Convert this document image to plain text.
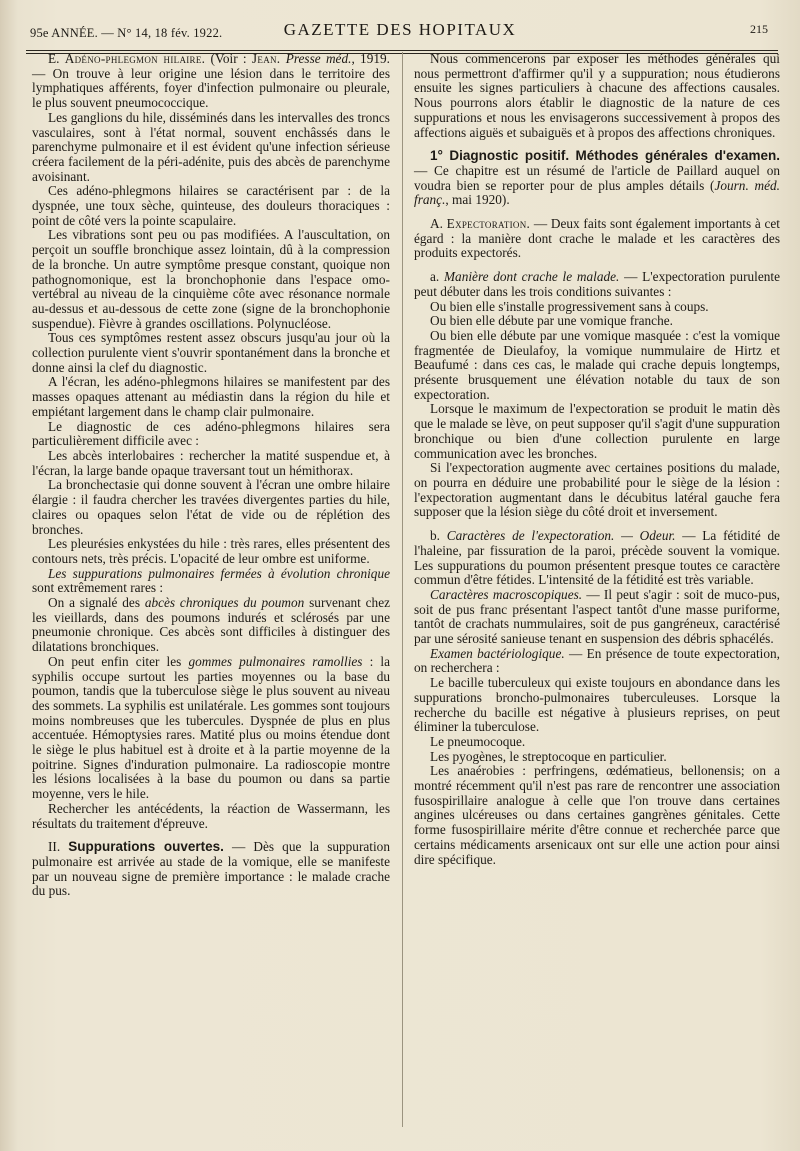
95e ANNÉE. — N° 14, 18 fév. 1922.	GAZETTE DES HOPITAUX	215

E. Adéno-phlegmon hilaire. (Voir : Jean. Presse méd., 1919. — On trouve à leur origine une lésion dans le territoire des lymphatiques afférents, foyer d'infection pulmonaire ou pleurale, le plus souvent pneumococcique.

Les ganglions du hile, disséminés dans les intervalles des troncs vasculaires, sont à l'état normal, souvent enchâssés dans le parenchyme pulmonaire et il est évident qu'une infection sérieuse créera facilement de la péri-adénite, puis des abcès de parenchyme avoisinant.

Ces adéno-phlegmons hilaires se caractérisent par : de la dyspnée, une toux sèche, quinteuse, des douleurs thoraciques : point de côté vers la pointe scapulaire.

Les vibrations sont peu ou pas modifiées. A l'auscultation, on perçoit un souffle bronchique assez lointain, dû à la compression de la bronche. Un autre symptôme presque constant, quoique non pathognomonique, est la bronchophonie dans l'espace omo-vertébral au niveau de la cinquième côte avec résonance normale au-dessus et au-dessous de cette zone (signe de la bronchophonie suspendue). Fièvre à grandes oscillations. Polynucléose.

Tous ces symptômes restent assez obscurs jusqu'au jour où la collection purulente vient s'ouvrir spontanément dans la bronche et donne ainsi la clef du diagnostic.

A l'écran, les adéno-phlegmons hilaires se manifestent par des masses opaques attenant au médiastin dans la région du hile et empiétant largement dans le champ clair pulmonaire.

Le diagnostic de ces adéno-phlegmons hilaires sera particulièrement difficile avec :

Les abcès interlobaires : rechercher la matité suspendue et, à l'écran, la large bande opaque traversant tout un hémithorax.

La bronchectasie qui donne souvent à l'écran une ombre hilaire élargie : il faudra chercher les travées divergentes parties du hile, claires ou opaques selon l'état de vide ou de réplétion des bronches.

Les pleurésies enkystées du hile : très rares, elles présentent des contours nets, très précis. L'opacité de leur ombre est uniforme.

Les suppurations pulmonaires fermées à évolution chronique sont extrêmement rares :

On a signalé des abcès chroniques du poumon survenant chez les vieillards, dans des poumons indurés et sclérosés par une pneumonie chronique. Ces abcès sont difficiles à distinguer des dilatations bronchiques.

On peut enfin citer les gommes pulmonaires ramollies : la syphilis occupe surtout les parties moyennes ou la base du poumon, tandis que la tuberculose siège le plus souvent au niveau des sommets. La syphilis est unilatérale. Les gommes sont toujours moins nombreuses que les tubercules. Dyspnée de plus en plus accentuée. Hémoptysies rares. Matité plus ou moins étendue dont le siège le plus habituel est à droite et à la partie moyenne de la poitrine. Signes d'induration pulmonaire. La radioscopie montre les lésions localisées à la base du poumon ou dans sa partie moyenne, vers le hile.

Rechercher les antécédents, la réaction de Wassermann, les résultats du traitement d'épreuve.

II. Suppurations ouvertes. — Dès que la suppuration pulmonaire est arrivée au stade de la vomique, elle se manifeste par un nouveau signe de première importance : le malade crache du pus.

Nous commencerons par exposer les méthodes générales qui nous permettront d'affirmer qu'il y a suppuration; nous étudierons ensuite les signes particuliers à chacune des affections causales. Nous pourrons alors établir le diagnostic de la nature de ces suppurations et nous les envisagerons successivement à propos des affections aiguës et subaiguës et à propos des affections chroniques.

1° Diagnostic positif. Méthodes générales d'examen. — Ce chapitre est un résumé de l'article de Paillard auquel on voudra bien se reporter pour de plus amples détails (Journ. méd. franç., mai 1920).

A. Expectoration. — Deux faits sont également importants à cet égard : la manière dont crache le malade et les caractères des produits expectorés.

a. Manière dont crache le malade. — L'expectoration purulente peut débuter dans les trois conditions suivantes :

Ou bien elle s'installe progressivement sans à coups.

Ou bien elle débute par une vomique franche.

Ou bien elle débute par une vomique masquée : c'est la vomique fragmentée de Dieulafoy, la vomique nummulaire de Hirtz et Beaufumé : dans ces cas, le malade qui crache depuis longtemps, présente brusquement une élévation notable du taux de son expectoration.

Lorsque le maximum de l'expectoration se produit le matin dès que le malade se lève, on peut supposer qu'il s'agit d'une suppuration bronchique ou bien d'une collection purulente en large communication avec les bronches.

Si l'expectoration augmente avec certaines positions du malade, on pourra en déduire une probabilité pour le siège de la lésion : l'expectoration augmentant dans le décubitus latéral gauche fera supposer que la lésion siège du côté droit et inversement.

b. Caractères de l'expectoration. — Odeur. — La fétidité de l'haleine, par fissuration de la paroi, précède souvent la vomique. Les suppurations du poumon présentent presque toutes ce caractère commun d'être fétides. L'intensité de la fétidité est très variable.

Caractères macroscopiques. — Il peut s'agir : soit de muco-pus, soit de pus franc présentant l'aspect tantôt d'une masse puriforme, tantôt de crachats nummulaires, soit de pus gangréneux, caractérisé par une sérosité sanieuse tenant en suspension des débris sphacélés.

Examen bactériologique. — En présence de toute expectoration, on recherchera :

Le bacille tuberculeux qui existe toujours en abondance dans les suppurations broncho-pulmonaires tuberculeuses. Lorsque la recherche du bacille est négative à plusieurs reprises, on peut éliminer la tuberculose.

Le pneumocoque.

Les pyogènes, le streptocoque en particulier.

Les anaérobies : perfringens, œdématieus, bellonensis; on a montré récemment qu'il n'est pas rare de rencontrer une association fusospirillaire analogue à celle que l'on trouve dans certaines angines ulcéreuses ou dans certaines gangrènes génitales. Cette forme fusospirillaire mérite d'être connue et recherchée parce que certains médicaments arsenicaux ont sur elle une action pour ainsi dire spécifique.
